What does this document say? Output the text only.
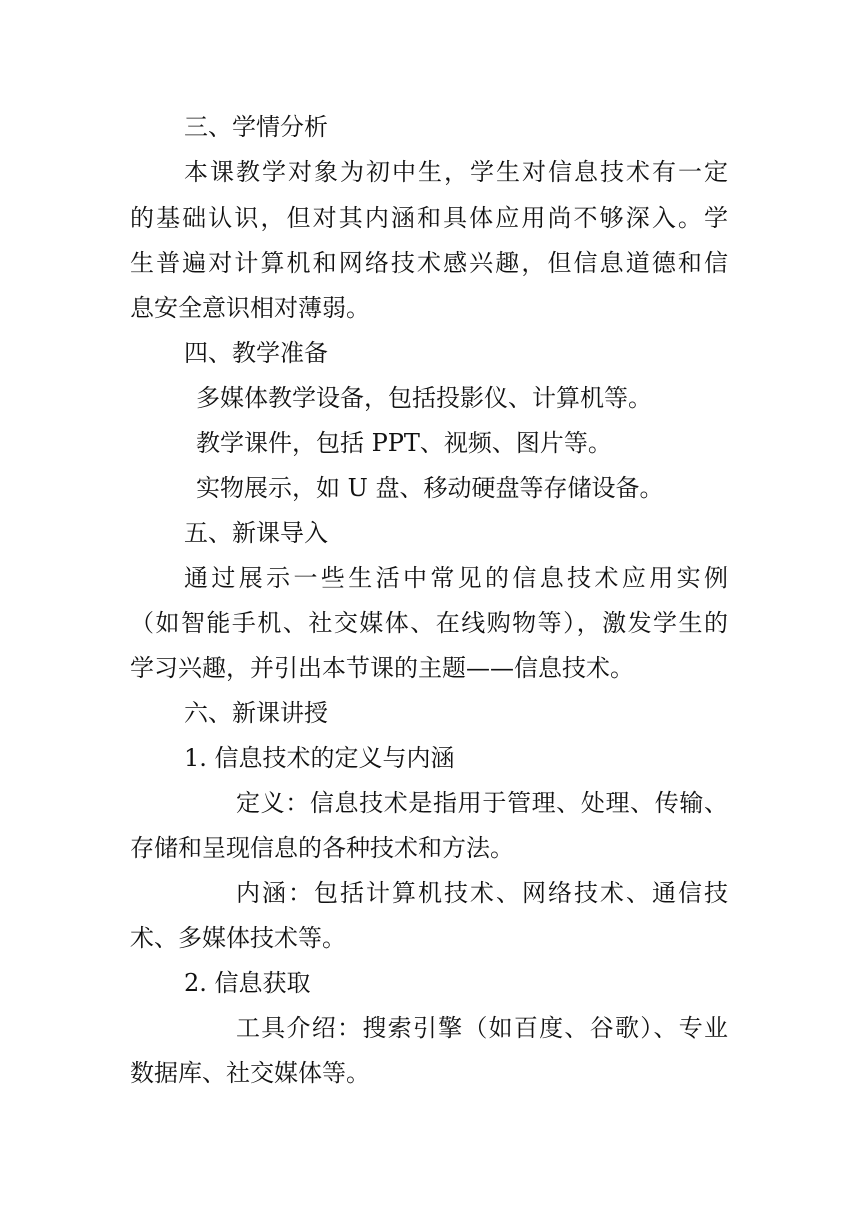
三、学情分析

本课教学对象为初中生，学生对信息技术有一定

的基础认识，但对其内涵和具体应用尚不够深入。学

生普遍对计算机和网络技术感兴趣，但信息道德和信

息安全意识相对薄弱。

四、教学准备

多媒体教学设备，包括投影仪、计算机等。

教学课件，包括 PPT、视频、图片等。

实物展示，如 U 盘、移动硬盘等存储设备。

五、新课导入

通过展示一些生活中常见的信息技术应用实例

（如智能手机、社交媒体、在线购物等），激发学生的

学习兴趣，并引出本节课的主题——信息技术。

六、新课讲授

1. 信息技术的定义与内涵

定义：信息技术是指用于管理、处理、传输、

存储和呈现信息的各种技术和方法。

内涵：包括计算机技术、网络技术、通信技

术、多媒体技术等。

2. 信息获取

工具介绍：搜索引擎（如百度、谷歌）、专业

数据库、社交媒体等。
